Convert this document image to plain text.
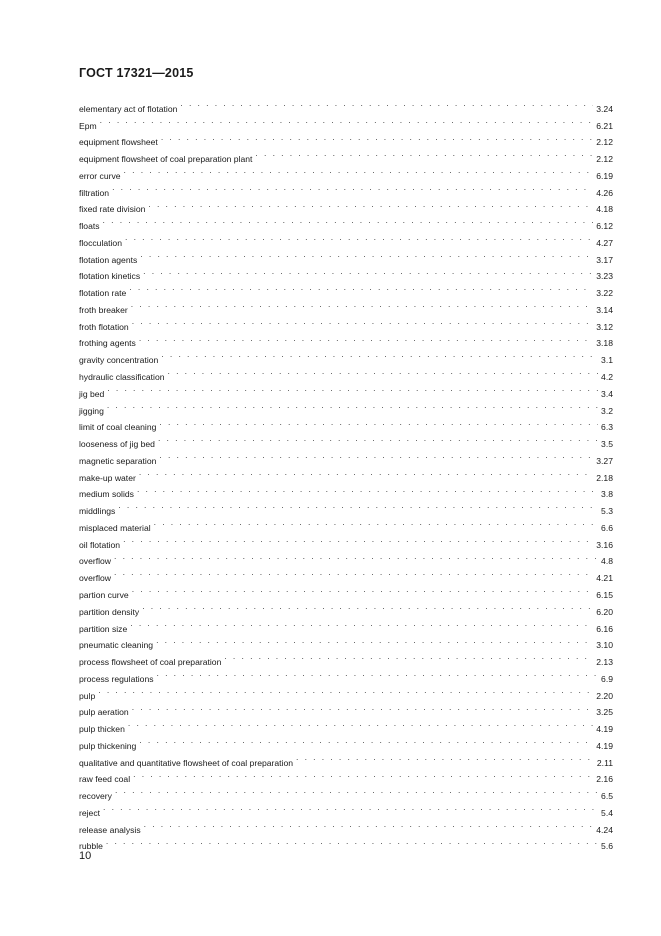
ГОСТ 17321—2015
elementary act of flotation . . .	3.24
Epm . . .	6.21
equipment flowsheet . . .	2.12
equipment flowsheet of coal preparation plant . . .	2.12
error curve . . .	6.19
filtration . . .	4.26
fixed rate division . . .	4.18
floats . . .	6.12
flocculation . . .	4.27
flotation agents . . .	3.17
flotation kinetics . . .	3.23
flotation rate . . .	3.22
froth breaker . . .	3.14
froth flotation . . .	3.12
frothing agents . . .	3.18
gravity concentration . . .	3.1
hydraulic classification . . .	4.2
jig bed . . .	3.4
jigging . . .	3.2
limit of coal cleaning . . .	6.3
looseness of jig bed . . .	3.5
magnetic separation . . .	3.27
make-up water . . .	2.18
medium solids . . .	3.8
middlings . . .	5.3
misplaced material . . .	6.6
oil flotation . . .	3.16
overflow . . .	4.8
overflow . . .	4.21
partion curve . . .	6.15
partition density . . .	6.20
partition size . . .	6.16
pneumatic cleaning . . .	3.10
process flowsheet of coal preparation . . .	2.13
process regulations . . .	6.9
pulp . . .	2.20
pulp aeration . . .	3.25
pulp thicken . . .	4.19
pulp thickening . . .	4.19
qualitative and quantitative flowsheet of coal preparation . . .	2.11
raw feed coal . . .	2.16
recovery . . .	6.5
reject . . .	5.4
release analysis . . .	4.24
rubble . . .	5.6
10
